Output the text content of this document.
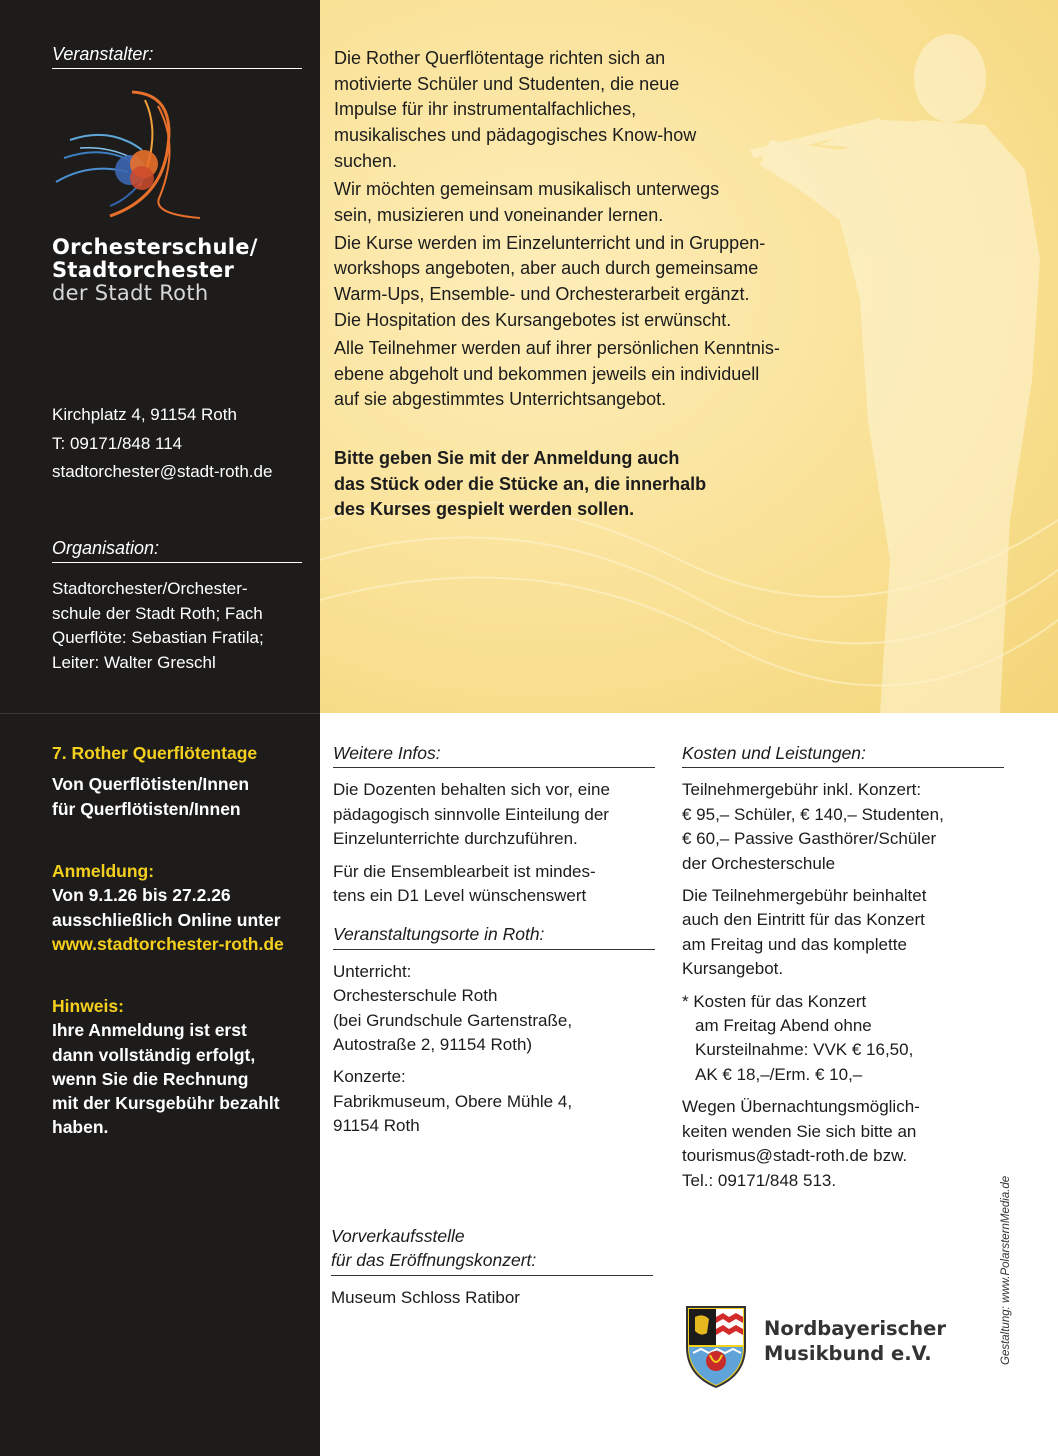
Veranstalter:
Orchesterschule/
Stadtorchester
der Stadt Roth
Kirchplatz 4, 91154 Roth
T: 09171/848 114
stadtorchester@stadt-roth.de
Organisation:
Stadtorchester/Orchester-
schule der Stadt Roth; Fach
Querflöte: Sebastian Fratila;
Leiter: Walter Greschl

Die Rother Querflötentage richten sich an
motivierte Schüler und Studenten, die neue
Impulse für ihr instrumentalfachliches,
musikalisches und pädagogisches Know-how
suchen.

Wir möchten gemeinsam musikalisch unterwegs
sein, musizieren und voneinander lernen.

Die Kurse werden im Einzelunterricht und in Gruppen-
workshops angeboten, aber auch durch gemeinsame
Warm-Ups, Ensemble- und Orchesterarbeit ergänzt.
Die Hospitation des Kursangebotes ist erwünscht.

Alle Teilnehmer werden auf ihrer persönlichen Kenntnis-
ebene abgeholt und bekommen jeweils ein individuell
auf sie abgestimmtes Unterrichtsangebot.

Bitte geben Sie mit der Anmeldung auch
das Stück oder die Stücke an, die innerhalb
des Kurses gespielt werden sollen.
7. Rother Querflötentage
Von Querflötisten/Innen
für Querflötisten/Innen
Anmeldung:
Von 9.1.26 bis 27.2.26
ausschließlich Online unter
www.stadtorchester-roth.de
Hinweis:
Ihre Anmeldung ist erst
dann vollständig erfolgt,
wenn Sie die Rechnung
mit der Kursgebühr bezahlt
haben.
Weitere Infos:

Die Dozenten behalten sich vor, eine
pädagogisch sinnvolle Einteilung der
Einzelunterrichte durchzuführen.

Für die Ensemblearbeit ist mindes-
tens ein D1 Level wünschenswert

Veranstaltungsorte in Roth:

Unterricht:
Orchesterschule Roth
(bei Grundschule Gartenstraße,
Autostraße 2, 91154 Roth)

Konzerte:
Fabrikmuseum, Obere Mühle 4,
91154 Roth

Vorverkaufsstelle
für das Eröffnungskonzert:

Museum Schloss Ratibor

Kosten und Leistungen:

Teilnehmergebühr inkl. Konzert:
€ 95,– Schüler, € 140,– Studenten,
€ 60,– Passive Gasthörer/Schüler
der Orchesterschule

Die Teilnehmergebühr beinhaltet
auch den Eintritt für das Konzert
am Freitag und das komplette
Kursangebot.

* Kosten für das Konzert
am Freitag Abend ohne
Kursteilnahme: VVK € 16,50,
AK € 18,–/Erm. € 10,–

Wegen Übernachtungsmöglich-
keiten wenden Sie sich bitte an
tourismus@stadt-roth.de bzw.
Tel.: 09171/848 513.

Nordbayerischer
Musikbund e.V.	Gestaltung: www.PolarsternMedia.de
